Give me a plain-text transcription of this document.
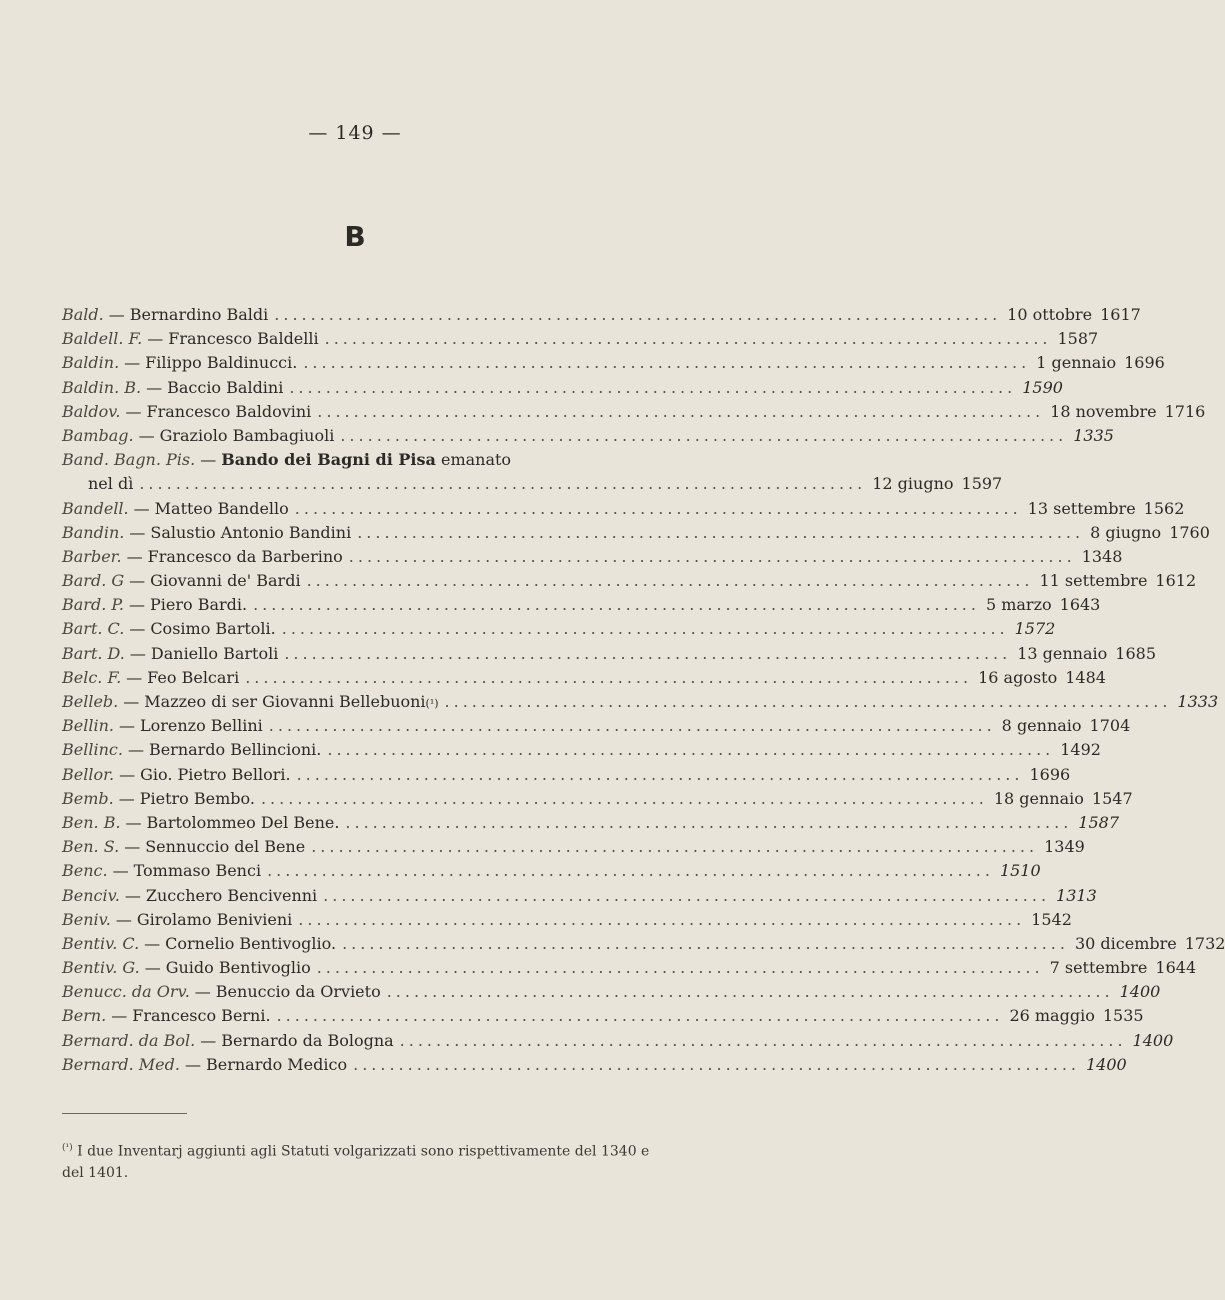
— 149 —
B
Bald. — Bernardino Baldi ................................................................................ 10 ottobre 1617
Baldell. F. — Francesco Baldelli ................................................................................ 1587
Baldin. — Filippo Baldinucci. ................................................................................ 1 gennaio 1696
Baldin. B. — Baccio Baldini ................................................................................ 1590
Baldov. — Francesco Baldovini ................................................................................ 18 novembre 1716
Bambag. — Graziolo Bambagiuoli ................................................................................ 1335
Band. Bagn. Pis. — Bando dei Bagni di Pisa
emanato
nel dì ................................................................................ 12 giugno 1597
Bandell. — Matteo Bandello ................................................................................ 13 settembre 1562
Bandin. — Salustio Antonio Bandini ................................................................................ 8 giugno 1760
Barber. — Francesco da Barberino ................................................................................ 1348
Bard. G — Giovanni de' Bardi ................................................................................ 11 settembre 1612
Bard. P. — Piero Bardi. ................................................................................ 5 marzo 1643
Bart. C. — Cosimo Bartoli. ................................................................................ 1572
Bart. D. — Daniello Bartoli ................................................................................ 13 gennaio 1685
Belc. F. — Feo Belcari ................................................................................ 16 agosto 1484
Belleb. — Mazzeo di ser Giovanni Bellebuoni (¹) ................................................................................ 1333
Bellin. — Lorenzo Bellini ................................................................................ 8 gennaio 1704
Bellinc. — Bernardo Bellincioni. ................................................................................ 1492
Bellor. — Gio. Pietro Bellori. ................................................................................ 1696
Bemb. — Pietro Bembo. ................................................................................ 18 gennaio 1547
Ben. B. — Bartolommeo Del Bene. ................................................................................ 1587
Ben. S. — Sennuccio del Bene ................................................................................ 1349
Benc. — Tommaso Benci ................................................................................ 1510
Benciv. — Zucchero Bencivenni ................................................................................ 1313
Beniv. — Girolamo Benivieni ................................................................................ 1542
Bentiv. C. — Cornelio Bentivoglio. ................................................................................ 30 dicembre 1732
Bentiv. G. — Guido Bentivoglio ................................................................................ 7 settembre 1644
Benucc. da Orv. — Benuccio da Orvieto ................................................................................ 1400
Bern. — Francesco Berni. ................................................................................ 26 maggio 1535
Bernard. da Bol. — Bernardo da Bologna ................................................................................ 1400
Bernard. Med. — Bernardo Medico ................................................................................ 1400
$^{(^1)}$ I due Inventarj aggiunti agli Statuti volgarizzati sono rispettivamente del 1340 e del 1401.
